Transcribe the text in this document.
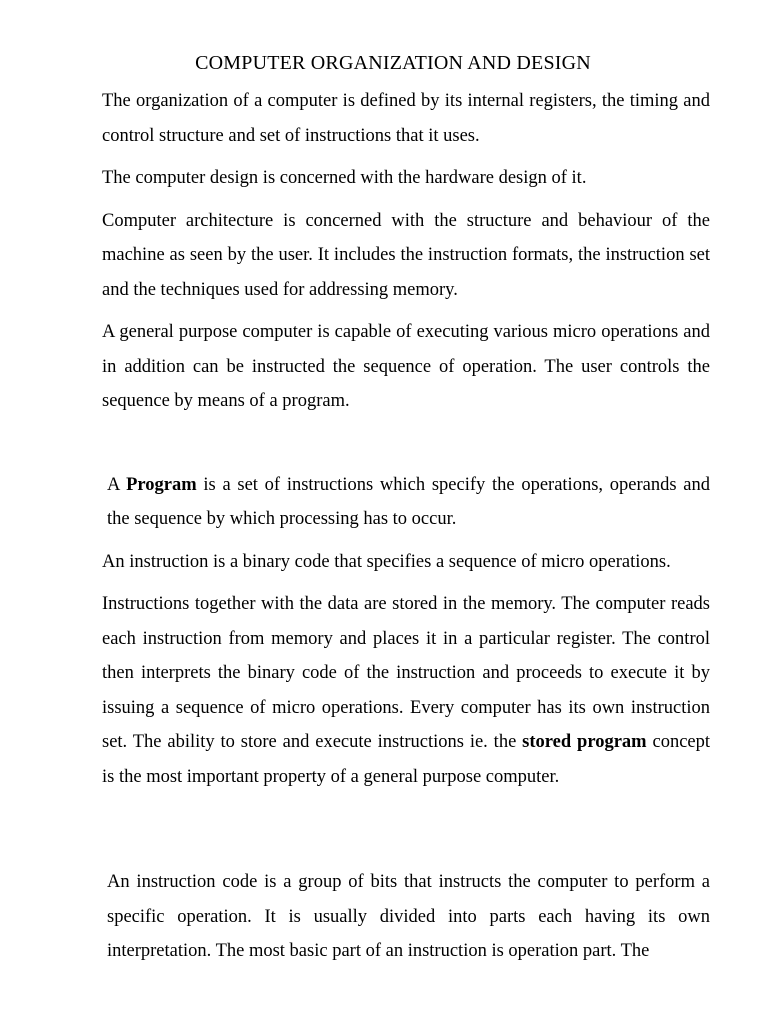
COMPUTER ORGANIZATION AND DESIGN

The organization of a computer is defined by its internal registers, the timing and control structure and set of instructions that it uses.

The computer design is concerned with the hardware design of it.

Computer architecture is concerned with the structure and behaviour of the machine as seen by the user. It includes the instruction formats, the instruction set and the techniques used for addressing memory.

A general purpose computer is capable of executing various micro operations and in addition can be instructed the sequence of operation. The user controls the sequence by means of a program.

A Program is a set of instructions which specify the operations, operands and the sequence by which processing has to occur.

An instruction is a binary code that specifies a sequence of micro operations.

Instructions together with the data are stored in the memory. The computer reads each instruction from memory and places it in a particular register. The control then interprets the binary code of the instruction and proceeds to execute it by issuing a sequence of micro operations. Every computer has its own instruction set. The ability to store and execute instructions ie. the stored program concept is the most important property of a general purpose computer.

An instruction code is a group of bits that instructs the computer to perform a specific operation. It is usually divided into parts each having its own interpretation. The most basic part of an instruction is operation part. The
